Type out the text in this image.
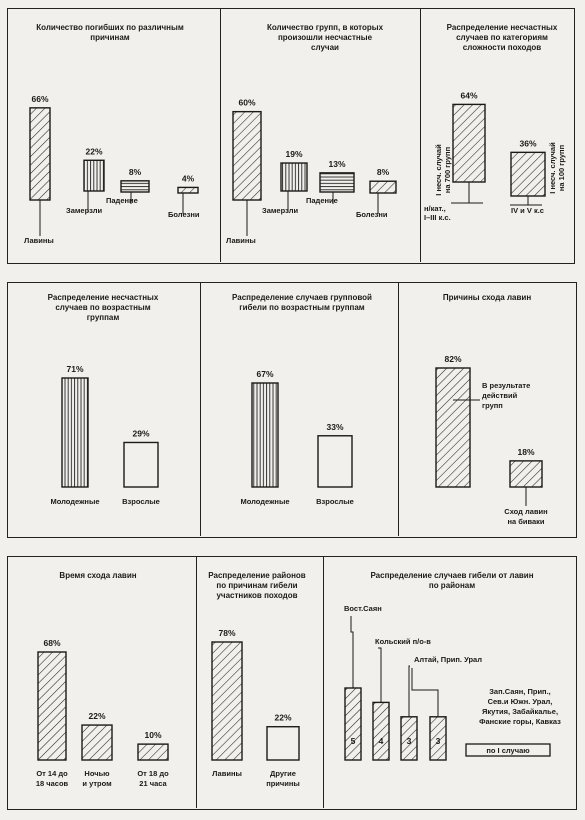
Количество погибших по различным
причинам
Количество групп, в которых
произошли несчастные
случаи
Распределение несчастных
случаев по категориям
сложности походов
Распределение несчастных
случаев по возрастным
группам
Распределение случаев групповой
гибели по возрастным группам
Причины схода лавин
Время схода лавин	Распределение районов
по причинам гибели
участников походов
Распределение случаев гибели от лавин
по районам
66%
Лавины
22%
Замерзли
8%
Падение
4%
Болезни
60%
Лавины
19%
Замерзли
13%
Падение
8%
Болезни
64%
н/кат.,
I–III к.с.
I несч. случай на 700 групп
36%
IV и V к.с
I несч. случай на 100 групп
71%
Молодежные
29%
Взрослые
67%
Молодежные
33%
Взрослые
82%
В результате
действий
групп
18%
Сход лавин
на биваки
68%
От 14 до
18 часов
22%
Ночью
и утром
10%
От 18 до
21 часа
78%
Лавины
22%
Другие
причины
5
Вост.Саян
4
Кольский п/о-в
3
Алтай, Прип. Урал
3
Зап.Саян, Прип.,
Сев.и Южн. Урал,
Якутия, Забайкалье,
Фанские горы, Кавказ
по I случаю
